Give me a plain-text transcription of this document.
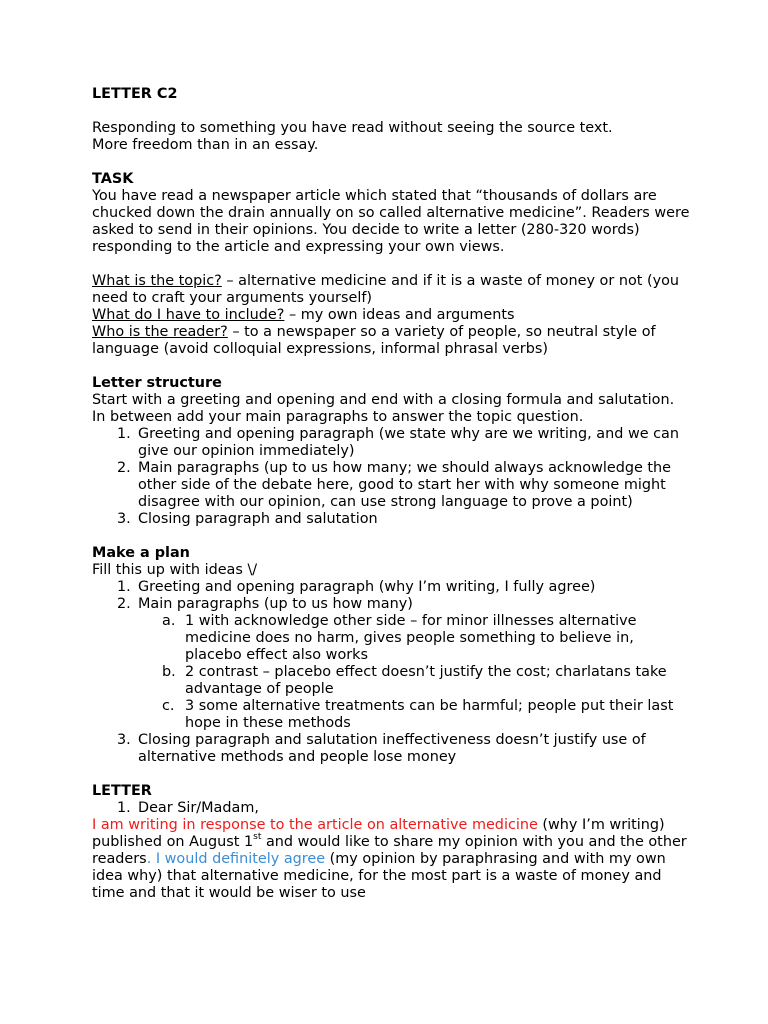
LETTER C2

Responding to something you have read without seeing the source text.

More freedom than in an essay.

TASK

You have read a newspaper article which stated that “thousands of dollars are chucked down the drain annually on so called alternative medicine”. Readers were asked to send in their opinions. You decide to write a letter (280-320 words) responding to the article and expressing your own views.

What is the topic? – alternative medicine and if it is a waste of money or not (you need to craft your arguments yourself)

What do I have to include? – my own ideas and arguments

Who is the reader? – to a newspaper so a variety of people, so neutral style of language (avoid colloquial expressions, informal phrasal verbs)

Letter structure

Start with a greeting and opening and end with a closing formula and salutation.

In between add your main paragraphs to answer the topic question.

1. Greeting and opening paragraph (we state why are we writing, and we can give our opinion immediately)
2. Main paragraphs (up to us how many; we should always acknowledge the other side of the debate here, good to start her with why someone might disagree with our opinion, can use strong language to prove a point)
3. Closing paragraph and salutation

Make a plan

Fill this up with ideas \/

1. Greeting and opening paragraph (why I’m writing, I fully agree)
2. Main paragraphs (up to us how many)
a. 1 with acknowledge other side – for minor illnesses alternative medicine does no harm, gives people something to believe in, placebo effect also works
b. 2 contrast – placebo effect doesn’t justify the cost; charlatans take advantage of people
c. 3 some alternative treatments can be harmful; people put their last hope in these methods
3. Closing paragraph and salutation ineffectiveness doesn’t justify use of alternative methods and people lose money

LETTER

1. Dear Sir/Madam,

I am writing in response to the article on alternative medicine (why I’m writing) published on August 1st and would like to share my opinion with you and the other readers. I would definitely agree (my opinion by paraphrasing and with my own idea why) that alternative medicine, for the most part is a waste of money and time and that it would be wiser to use
